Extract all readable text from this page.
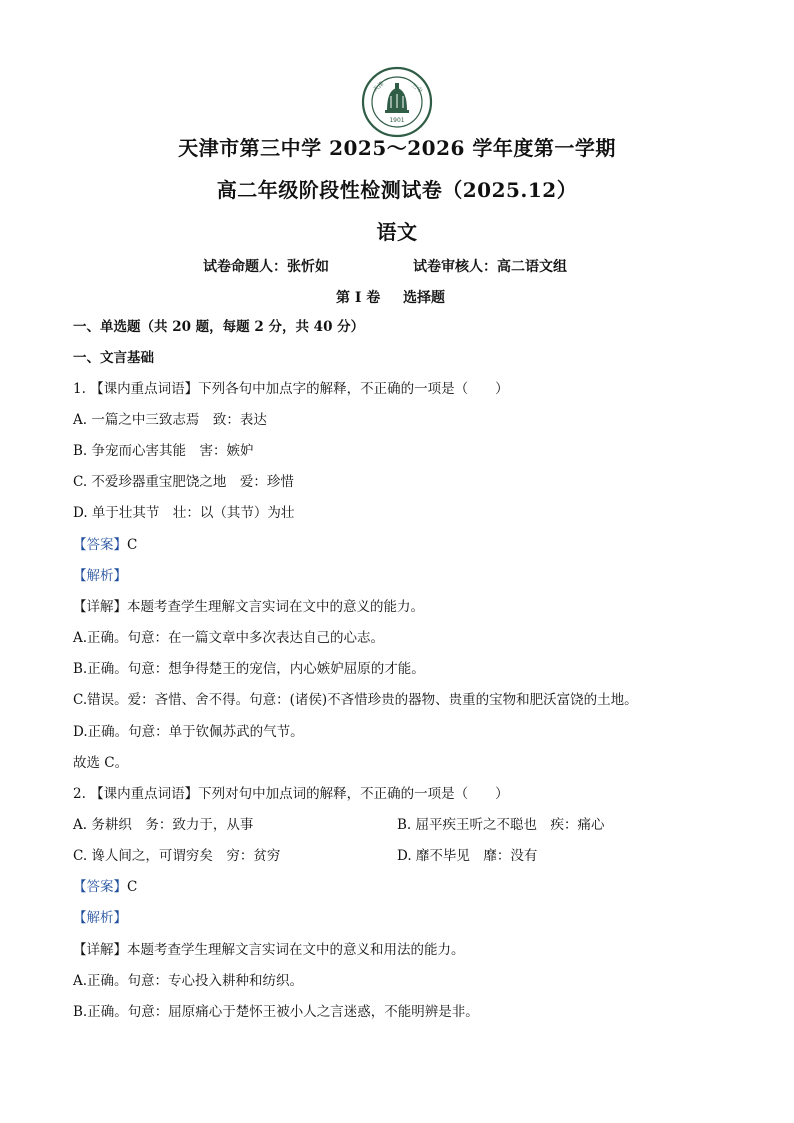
1901
天津	三中
天津市第三中学 2025～2026 学年度第一学期
高二年级阶段性检测试卷（2025.12）
语文
试卷命题人：张忻如	试卷审核人：高二语文组
第 I 卷 选择题
一、单选题（共 20 题，每题 2 分，共 40 分）
一、文言基础
1. 【课内重点词语】下列各句中加点字的解释，不正确的一项是（　　）
A. 一篇之中三致志焉　致：表达
B. 争宠而心害其能　害：嫉妒
C. 不爱珍器重宝肥饶之地　爱：珍惜
D. 单于壮其节　壮：以（其节）为壮
【答案】C
【解析】
【详解】本题考查学生理解文言实词在文中的意义的能力。
A.正确。句意：在一篇文章中多次表达自己的心志。
B.正确。句意：想争得楚王的宠信，内心嫉妒屈原的才能。
C.错误。爱：吝惜、舍不得。句意：(诸侯)不吝惜珍贵的器物、贵重的宝物和肥沃富饶的土地。
D.正确。句意：单于钦佩苏武的气节。
故选 C。
2. 【课内重点词语】下列对句中加点词的解释，不正确的一项是（　　）
A. 务耕织　务：致力于，从事	B. 屈平疾王听之不聪也　疾：痛心
C. 谗人间之，可谓穷矣　穷：贫穷	D. 靡不毕见　靡：没有
【答案】C
【解析】
【详解】本题考查学生理解文言实词在文中的意义和用法的能力。
A.正确。句意：专心投入耕种和纺织。
B.正确。句意：屈原痛心于楚怀王被小人之言迷惑，不能明辨是非。
